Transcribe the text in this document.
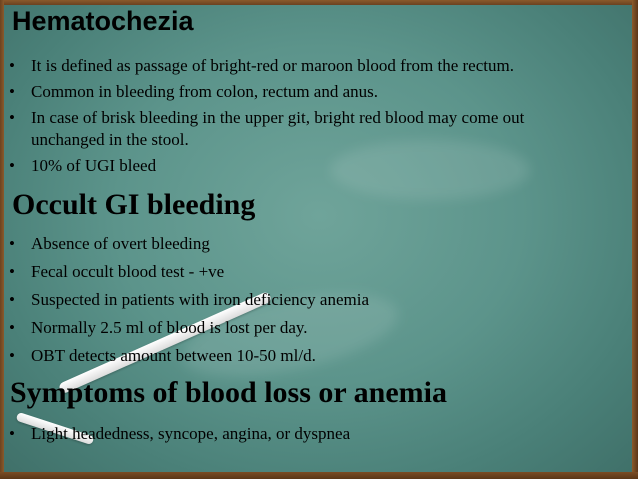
Hematochezia
• It is defined as passage of bright-red or maroon blood from the rectum.
• Common in bleeding from colon, rectum and anus.
• In case of brisk bleeding in the upper git, bright red blood may come out unchanged in the stool.
• 10% of UGI bleed
Occult GI bleeding
• Absence of overt bleeding
• Fecal occult blood test - +ve
• Suspected in patients with iron deficiency anemia
• Normally 2.5 ml of blood is lost per day.
• OBT detects amount between 10-50 ml/d.
Symptoms of blood loss or anemia
• Light headedness, syncope, angina, or dyspnea
